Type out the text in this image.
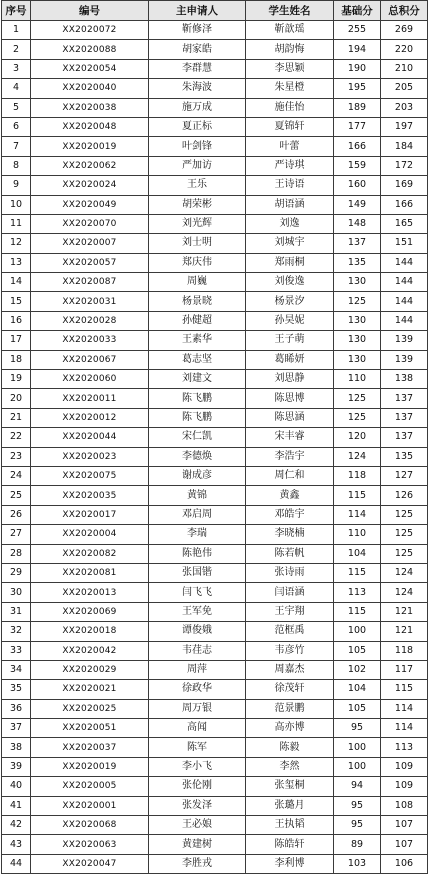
序号	编号	主申请人	学生姓名	基础分	总积分
1	XX2020072	靳修泽	靳歆瑶	255	269
2	XX2020088	胡家皓	胡韵悔	194	220
3	XX2020054	李群慧	李思颖	190	210
4	XX2020040	朱海波	朱星橙	195	205
5	XX2020038	施万成	施佳怡	189	203
6	XX2020048	夏正标	夏锦轩	177	197
7	XX2020019	叶剑锋	叶蕾	166	184
8	XX2020062	严加访	严诗琪	159	172
9	XX2020024	王乐	王诗语	160	169
10	XX2020049	胡荣彬	胡语涵	149	166
11	XX2020070	刘光辉	刘逸	148	165
12	XX2020007	刘士明	刘城宇	137	151
13	XX2020057	郑庆伟	郑雨桐	135	144
14	XX2020087	周巍	刘俊逸	130	144
15	XX2020031	杨景晓	杨景汐	125	144
16	XX2020028	孙健超	孙昊妮	130	144
17	XX2020033	王素华	王子萌	130	139
18	XX2020067	葛志坚	葛睎妍	130	139
19	XX2020060	刘建文	刘思静	110	138
20	XX2020011	陈飞鹏	陈思博	125	137
21	XX2020012	陈飞鹏	陈思涵	125	137
22	XX2020044	宋仁凯	宋丰睿	120	137
23	XX2020023	李德焕	李浩宇	124	135
24	XX2020075	谢成彦	周仁和	118	127
25	XX2020035	黄锦	黄鑫	115	126
26	XX2020017	邓启周	邓皓宇	114	125
27	XX2020004	李瑞	李晓楠	110	125
28	XX2020082	陈艳伟	陈若帆	104	125
29	XX2020081	张国锴	张诗雨	115	124
30	XX2020013	闫飞飞	闫语涵	113	124
31	XX2020069	王军免	王宇翔	115	121
32	XX2020018	谭俊娥	范框禹	100	121
33	XX2020042	韦荏志	韦彦竹	105	118
34	XX2020029	周萍	周嘉杰	102	117
35	XX2020021	徐政华	徐茂轩	104	115
36	XX2020025	周万银	范景鹏	105	114
37	XX2020051	高闻	高亦博	95	114
38	XX2020037	陈军	陈毅	100	113
39	XX2020019	李小飞	李然	100	109
40	XX2020005	张伦刚	张玺桐	94	109
41	XX2020001	张发泽	张璐月	95	108
42	XX2020068	王必娘	王执韬	95	107
43	XX2020063	黄建树	陈皓轩	89	107
44	XX2020047	李胜戎	李利博	103	106
